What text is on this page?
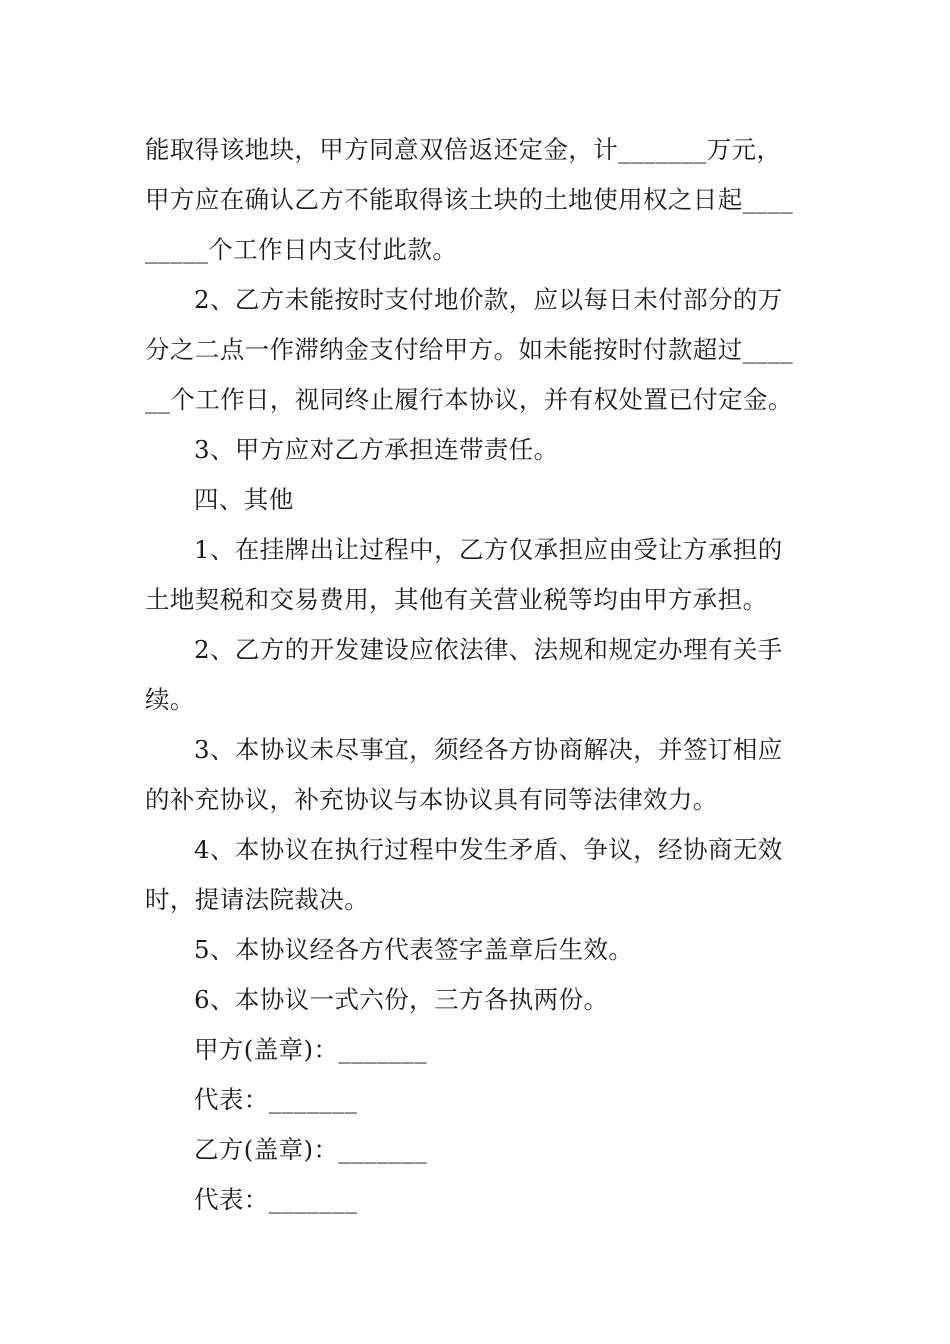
能取得该地块，甲方同意双倍返还定金，计_______万元，
甲方应在确认乙方不能取得该土块的土地使用权之日起____
_____个工作日内支付此款。
2、乙方未能按时支付地价款，应以每日未付部分的万
分之二点一作滞纳金支付给甲方。如未能按时付款超过____
__个工作日，视同终止履行本协议，并有权处置已付定金。
3、甲方应对乙方承担连带责任。
四、其他
1、在挂牌出让过程中，乙方仅承担应由受让方承担的
土地契税和交易费用，其他有关营业税等均由甲方承担。
2、乙方的开发建设应依法律、法规和规定办理有关手
续。
3、本协议未尽事宜，须经各方协商解决，并签订相应
的补充协议，补充协议与本协议具有同等法律效力。
4、本协议在执行过程中发生矛盾、争议，经协商无效
时，提请法院裁决。
5、本协议经各方代表签字盖章后生效。
6、本协议一式六份，三方各执两份。
甲方(盖章)：_______
代表：_______
乙方(盖章)：_______
代表：_______
